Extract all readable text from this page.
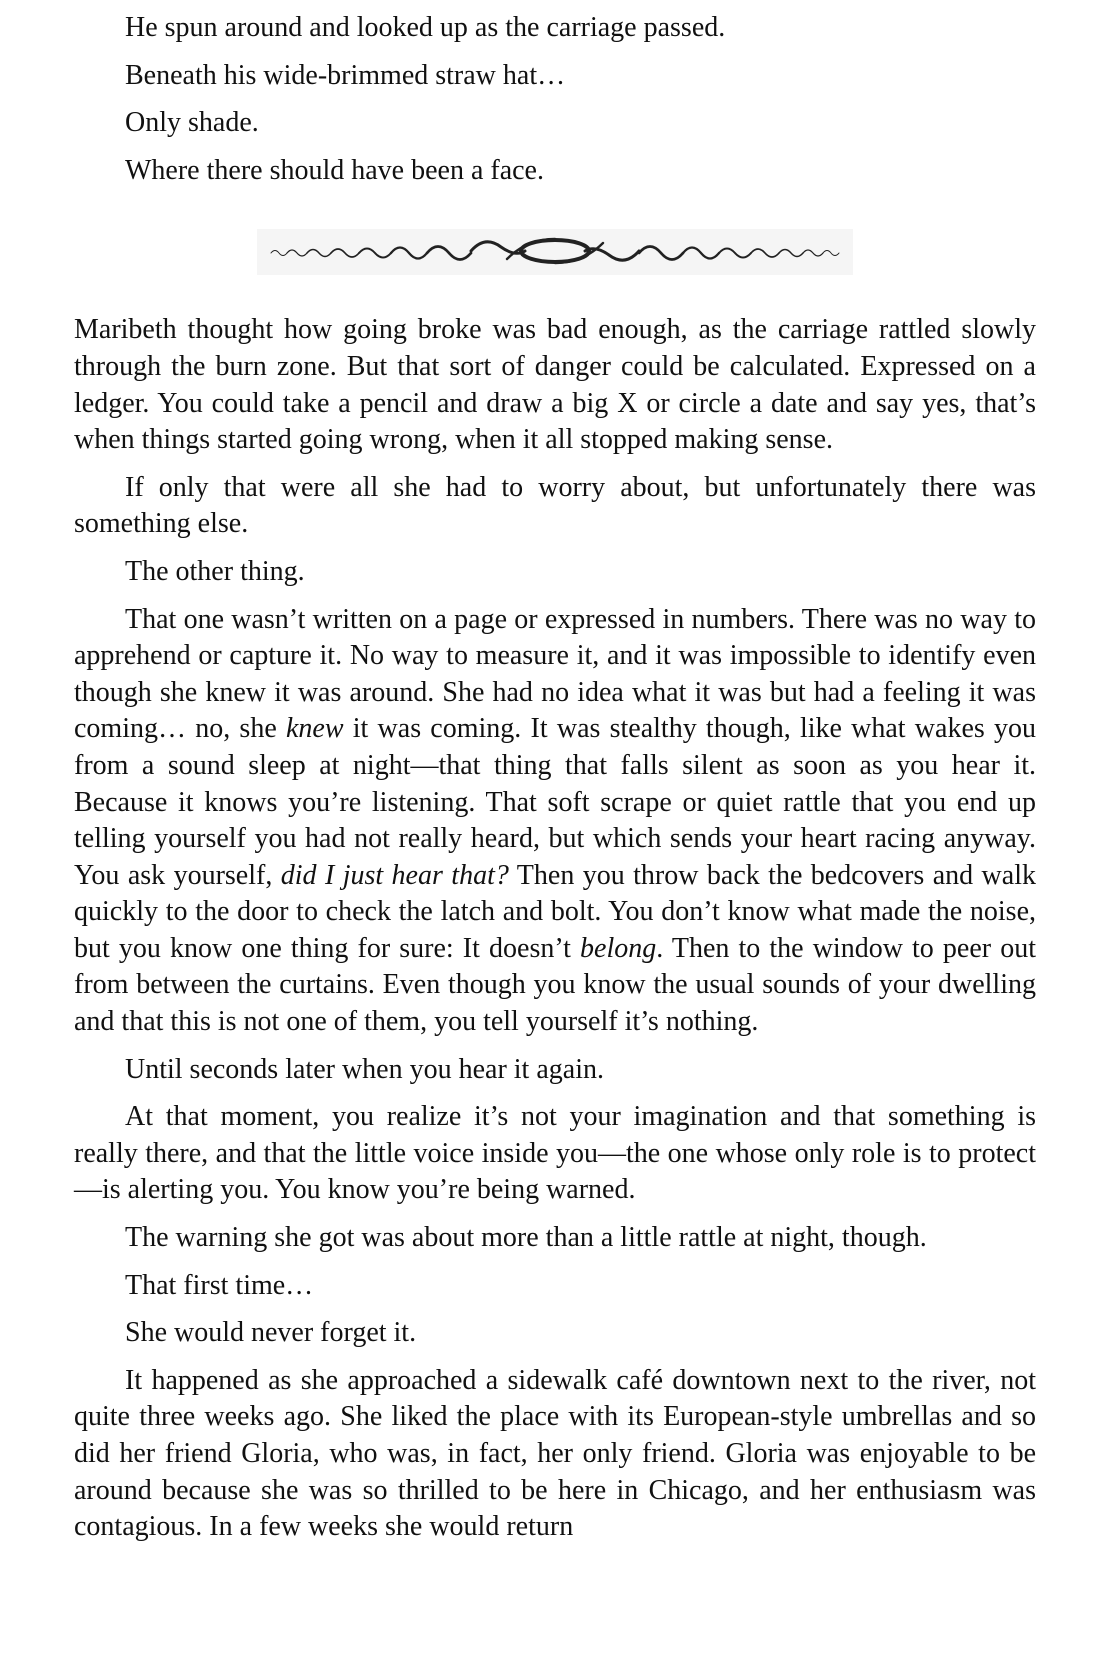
He spun around and looked up as the carriage passed.

Beneath his wide-brimmed straw hat…

Only shade.

Where there should have been a face.

Maribeth thought how going broke was bad enough, as the carriage rattled slowly through the burn zone. But that sort of danger could be calculated. Expressed on a ledger. You could take a pencil and draw a big X or circle a date and say yes, that’s when things started going wrong, when it all stopped making sense.

If only that were all she had to worry about, but unfortunately there was something else.

The other thing.

That one wasn’t written on a page or expressed in numbers. There was no way to apprehend or capture it. No way to measure it, and it was impossible to identify even though she knew it was around. She had no idea what it was but had a feeling it was coming… no, she knew it was coming. It was stealthy though, like what wakes you from a sound sleep at night—that thing that falls silent as soon as you hear it. Because it knows you’re listening. That soft scrape or quiet rattle that you end up telling yourself you had not really heard, but which sends your heart racing anyway. You ask yourself, did I just hear that? Then you throw back the bedcovers and walk quickly to the door to check the latch and bolt. You don’t know what made the noise, but you know one thing for sure: It doesn’t belong. Then to the window to peer out from between the curtains. Even though you know the usual sounds of your dwelling and that this is not one of them, you tell yourself it’s nothing.

Until seconds later when you hear it again.

At that moment, you realize it’s not your imagination and that something is really there, and that the little voice inside you—the one whose only role is to protect—is alerting you. You know you’re being warned.

The warning she got was about more than a little rattle at night, though.

That first time…

She would never forget it.

It happened as she approached a sidewalk café downtown next to the river, not quite three weeks ago. She liked the place with its European-style umbrellas and so did her friend Gloria, who was, in fact, her only friend. Gloria was enjoyable to be around because she was so thrilled to be here in Chicago, and her enthusiasm was contagious. In a few weeks she would return
